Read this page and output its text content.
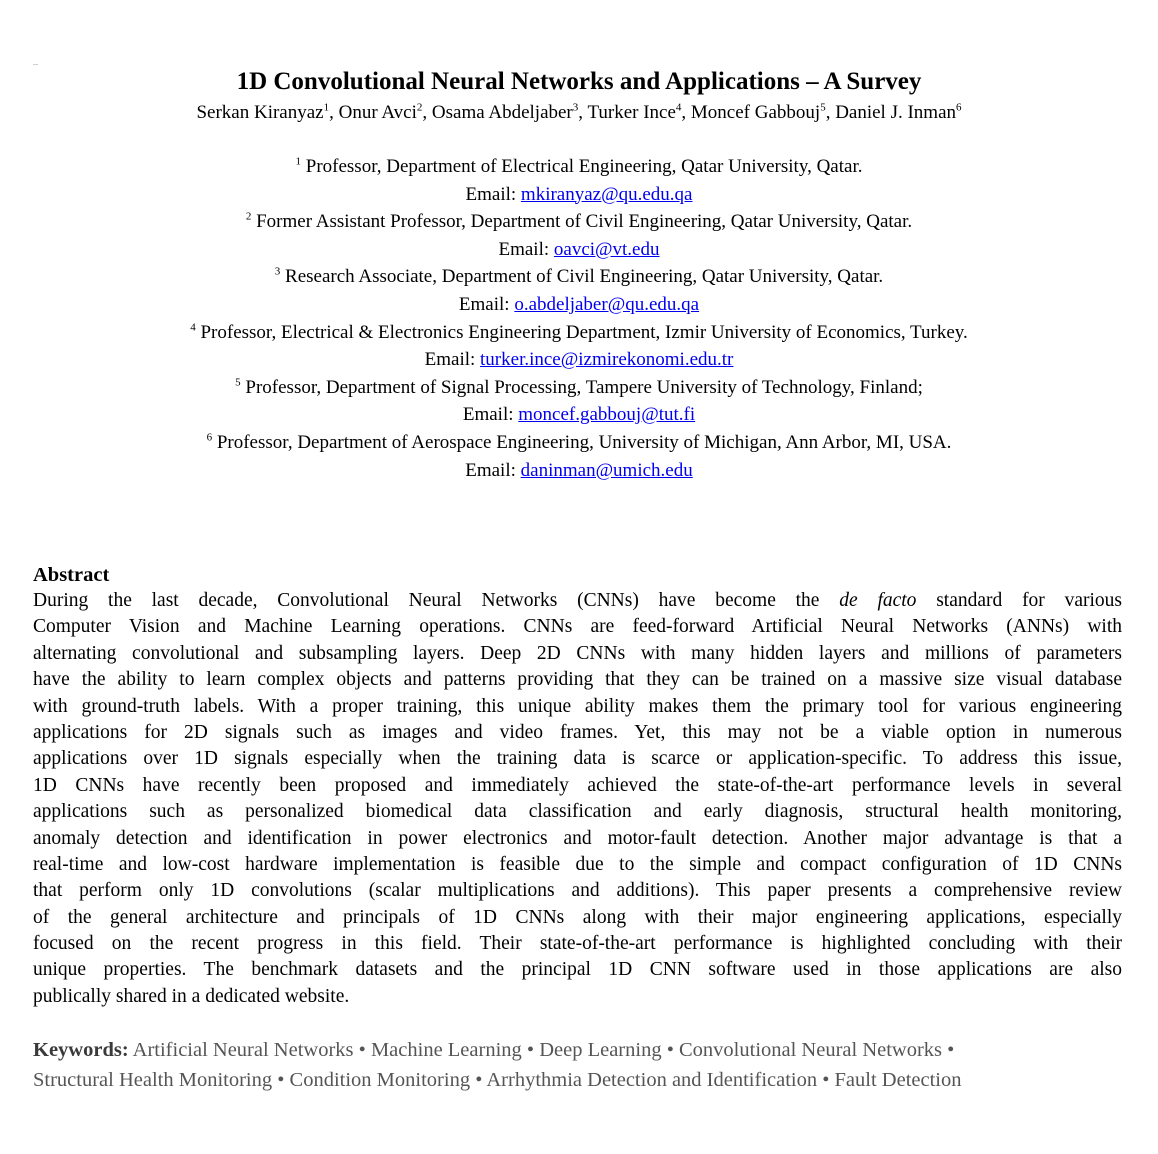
1D Convolutional Neural Networks and Applications – A Survey
Serkan Kiranyaz$^1$, Onur Avci$^2$, Osama Abdeljaber$^3$, Turker Ince$^4$, Moncef Gabbouj$^5$, Daniel J. Inman$^6$
$^1$ Professor, Department of Electrical Engineering, Qatar University, Qatar.
Email: mkiranyaz@qu.edu.qa
$^2$ Former Assistant Professor, Department of Civil Engineering, Qatar University, Qatar.
Email: oavci@vt.edu
$^3$ Research Associate, Department of Civil Engineering, Qatar University, Qatar.
Email: o.abdeljaber@qu.edu.qa
$^4$ Professor, Electrical & Electronics Engineering Department, Izmir University of Economics, Turkey.
Email: turker.ince@izmirekonomi.edu.tr
$^5$ Professor, Department of Signal Processing, Tampere University of Technology, Finland;
Email: moncef.gabbouj@tut.fi
$^6$ Professor, Department of Aerospace Engineering, University of Michigan, Ann Arbor, MI, USA.
Email: daninman@umich.edu
Abstract
During the last decade, Convolutional Neural Networks (CNNs) have become the de facto standard for various
Computer Vision and Machine Learning operations. CNNs are feed-forward Artificial Neural Networks (ANNs) with
alternating convolutional and subsampling layers. Deep 2D CNNs with many hidden layers and millions of parameters
have the ability to learn complex objects and patterns providing that they can be trained on a massive size visual database
with ground-truth labels. With a proper training, this unique ability makes them the primary tool for various engineering
applications for 2D signals such as images and video frames. Yet, this may not be a viable option in numerous
applications over 1D signals especially when the training data is scarce or application-specific. To address this issue,
1D CNNs have recently been proposed and immediately achieved the state-of-the-art performance levels in several
applications such as personalized biomedical data classification and early diagnosis, structural health monitoring,
anomaly detection and identification in power electronics and motor-fault detection. Another major advantage is that a
real-time and low-cost hardware implementation is feasible due to the simple and compact configuration of 1D CNNs
that perform only 1D convolutions (scalar multiplications and additions). This paper presents a comprehensive review
of the general architecture and principals of 1D CNNs along with their major engineering applications, especially
focused on the recent progress in this field. Their state-of-the-art performance is highlighted concluding with their
unique properties. The benchmark datasets and the principal 1D CNN software used in those applications are also
publically shared in a dedicated website.
Keywords: Artificial Neural Networks • Machine Learning • Deep Learning • Convolutional Neural Networks •
Structural Health Monitoring • Condition Monitoring • Arrhythmia Detection and Identification • Fault Detection
